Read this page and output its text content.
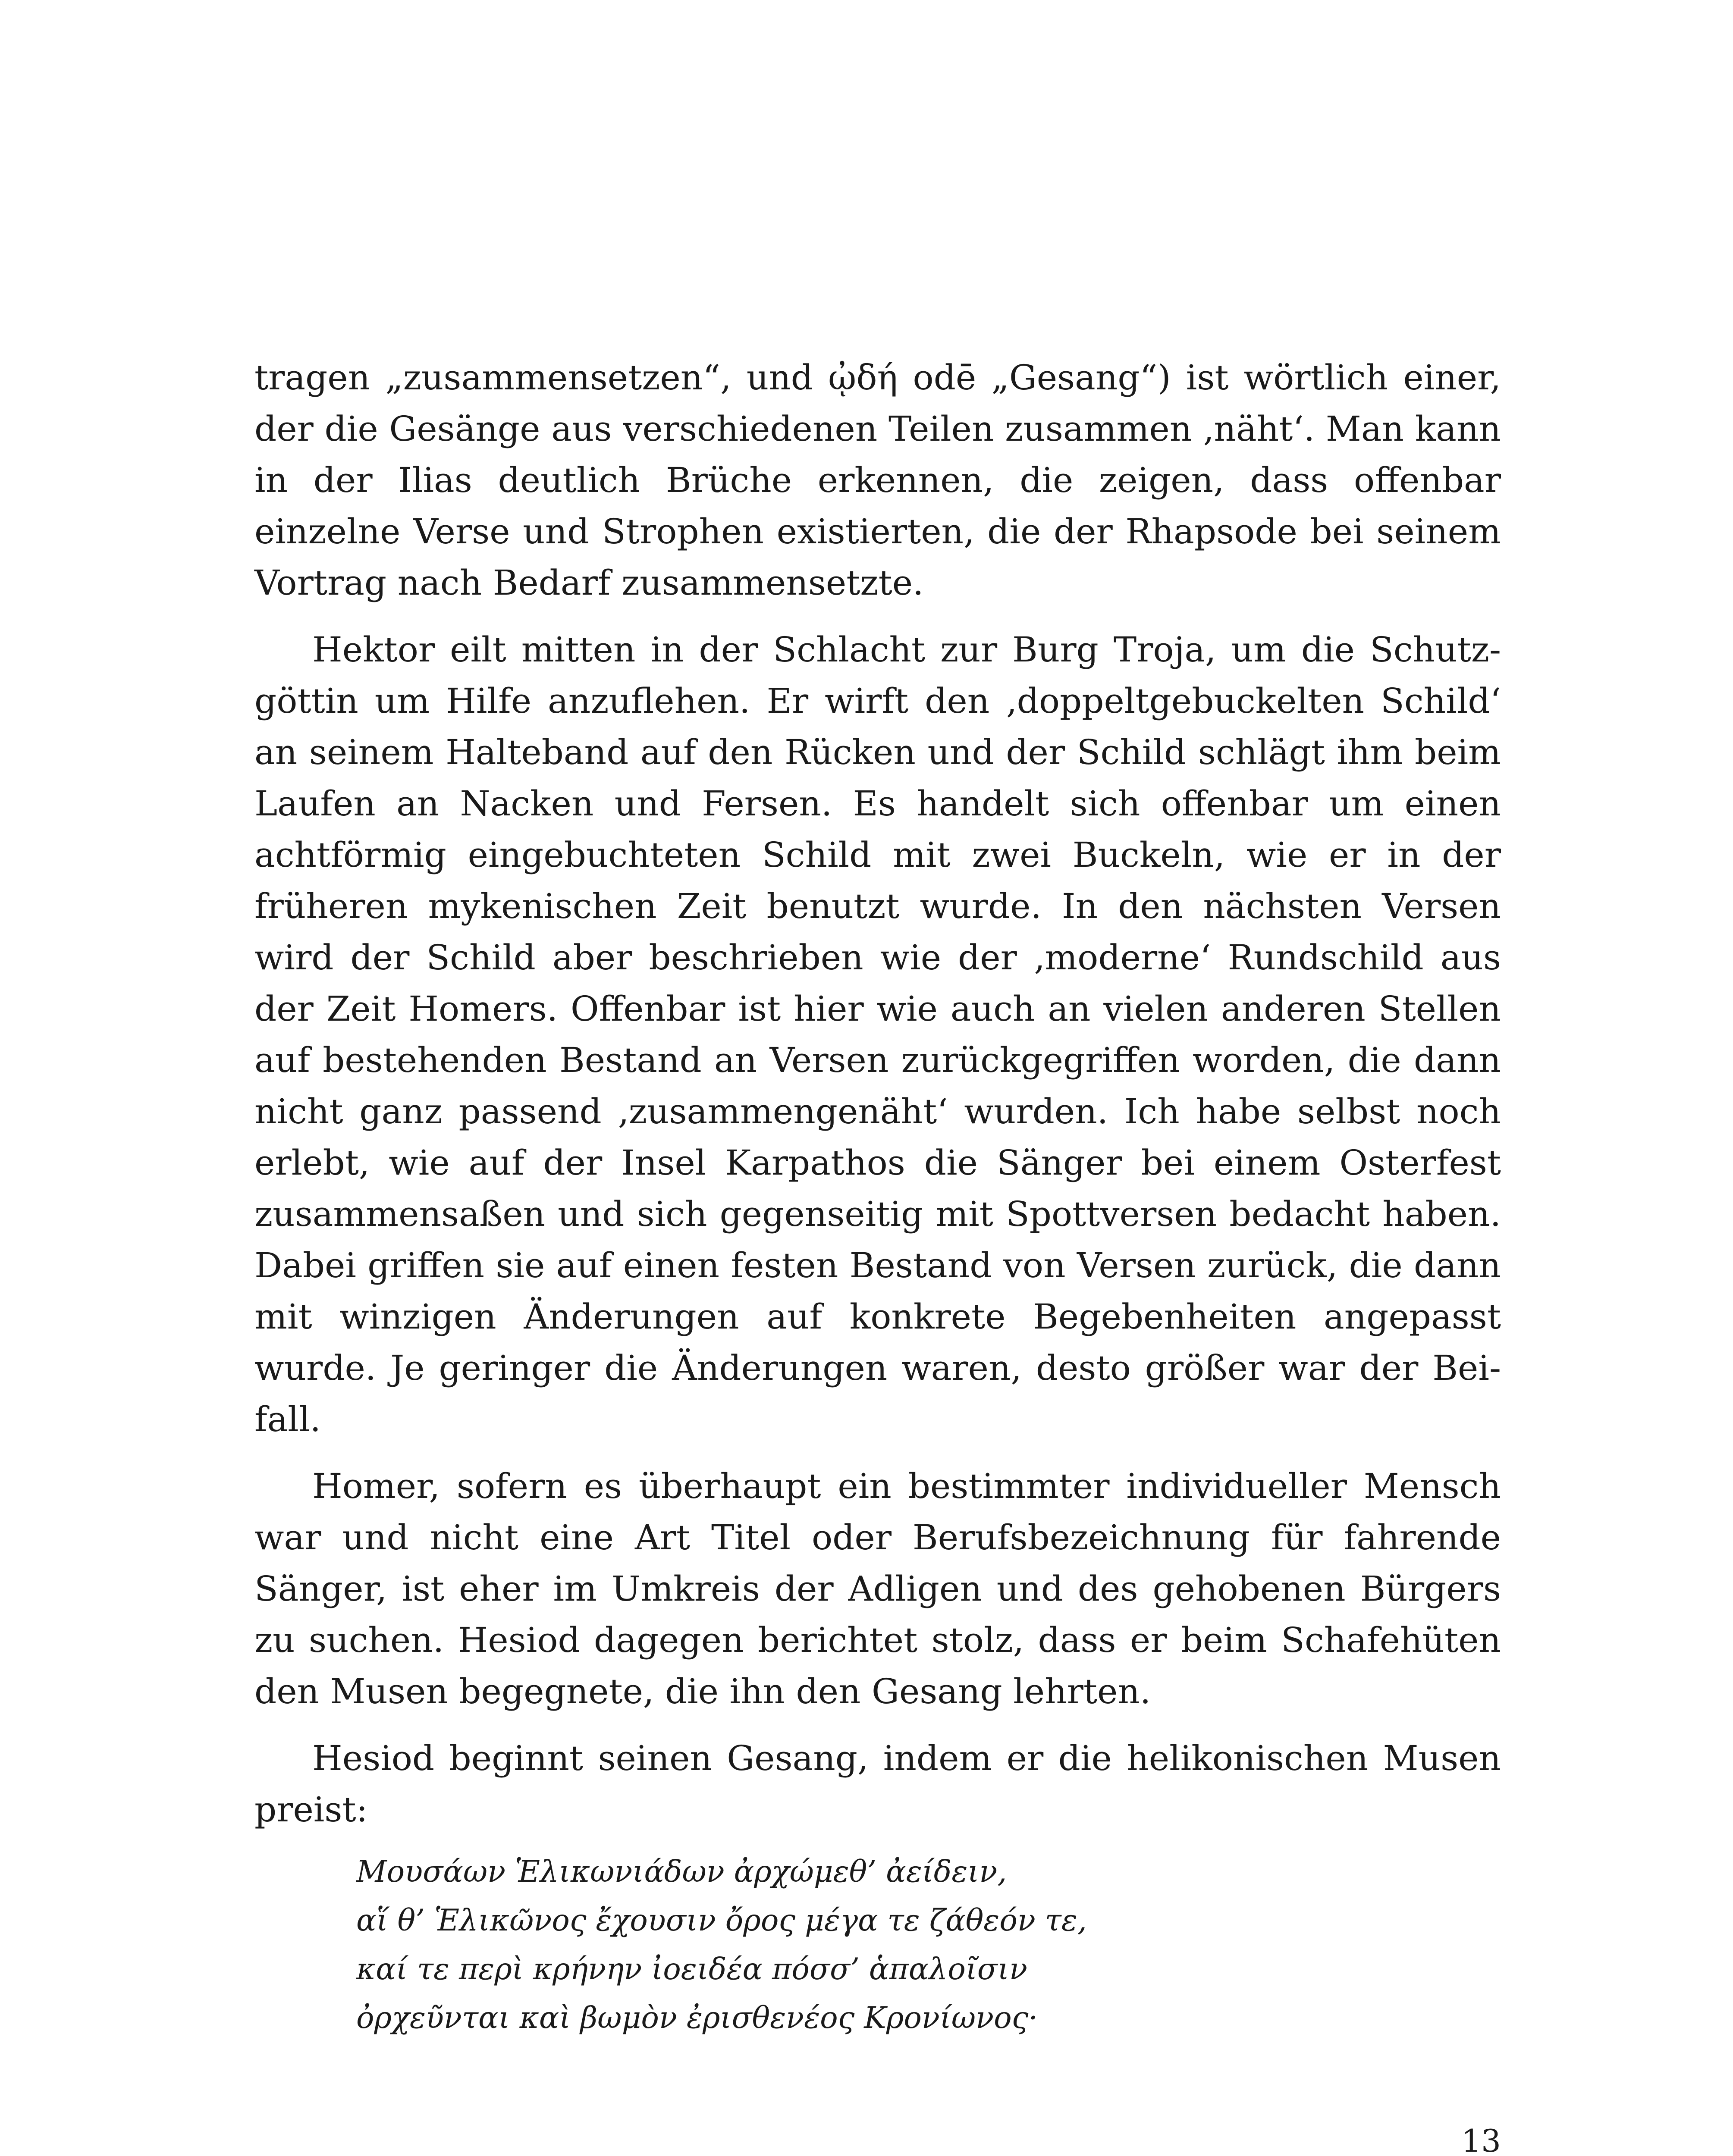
tragen „zusammensetzen“, und ᾠδή odē „Gesang“) ist wörtlich einer, der die Gesänge aus verschiedenen Teilen zusammen ‚näht‘. Man kann in der Ilias deutlich Brüche erkennen, die zeigen, dass offenbar einzelne Verse und Strophen existierten, die der Rhapsode bei seinem Vortrag nach Bedarf zusammensetzte.

Hektor eilt mitten in der Schlacht zur Burg Troja, um die Schutzgöttin um Hilfe anzuflehen. Er wirft den ‚doppeltgebuckelten Schild‘ an seinem Halteband auf den Rücken und der Schild schlägt ihm beim Laufen an Nacken und Fersen. Es handelt sich offenbar um einen achtförmig eingebuchteten Schild mit zwei Buckeln, wie er in der früheren mykenischen Zeit benutzt wurde. In den nächsten Versen wird der Schild aber beschrieben wie der ‚moderne‘ Rundschild aus der Zeit Homers. Offenbar ist hier wie auch an vielen anderen Stellen auf bestehenden Bestand an Versen zurückgegriffen worden, die dann nicht ganz passend ‚zusammengenäht‘ wurden. Ich habe selbst noch erlebt, wie auf der Insel Karpathos die Sänger bei einem Osterfest zusammensaßen und sich gegenseitig mit Spottversen bedacht haben. Dabei griffen sie auf einen festen Bestand von Versen zurück, die dann mit winzigen Änderungen auf konkrete Begebenheiten angepasst wurde. Je geringer die Änderungen waren, desto größer war der Beifall.

Homer, sofern es überhaupt ein bestimmter individueller Mensch war und nicht eine Art Titel oder Berufsbezeichnung für fahrende Sänger, ist eher im Umkreis der Adligen und des gehobenen Bürgers zu suchen. Hesiod dagegen berichtet stolz, dass er beim Schafehüten den Musen begegnete, die ihn den Gesang lehrten.

Hesiod beginnt seinen Gesang, indem er die helikonischen Musen preist:

Μουσάων Ἑλικωνιάδων ἀρχώμεθ’ ἀείδειν,
αἵ θ’ Ἑλικῶνος ἔχουσιν ὄρος μέγα τε ζάθεόν τε,
καί τε περὶ κρήνην ἰοειδέα πόσσ’ ἁπαλοῖσιν
ὀρχεῦνται καὶ βωμὸν ἐρισθενέος Κρονίωνος·
13
